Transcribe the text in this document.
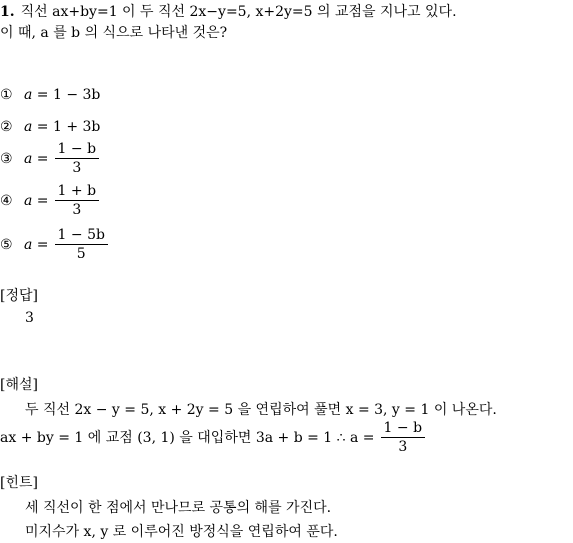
1. 직선 ax+by=1 이 두 직선 2x−y=5, x+2y=5 의 교점을 지나고 있다.
이 때, a 를 b 의 식으로 나타낸 것은?
① a =
1 − 3b
② a =
1 + 3b
③ $a = \frac{1 - b}{3}$
④ $a = \frac{1 + b}{3}$
⑤ $a = \frac{1 - 5b}{5}$
[정답]
3
[해설]
두 직선 2x − y = 5, x + 2y = 5 을 연립하여 풀면 x = 3, y = 1 이 나온다.
ax + by = 1 에 교점 (3, 1) 을 대입하면 3a + b = 1 ∴ $a = \frac{1 - b}{3}$
[힌트]
세 직선이 한 점에서 만나므로 공통의 해를 가진다.
미지수가 x, y 로 이루어진 방정식을 연립하여 푼다.
